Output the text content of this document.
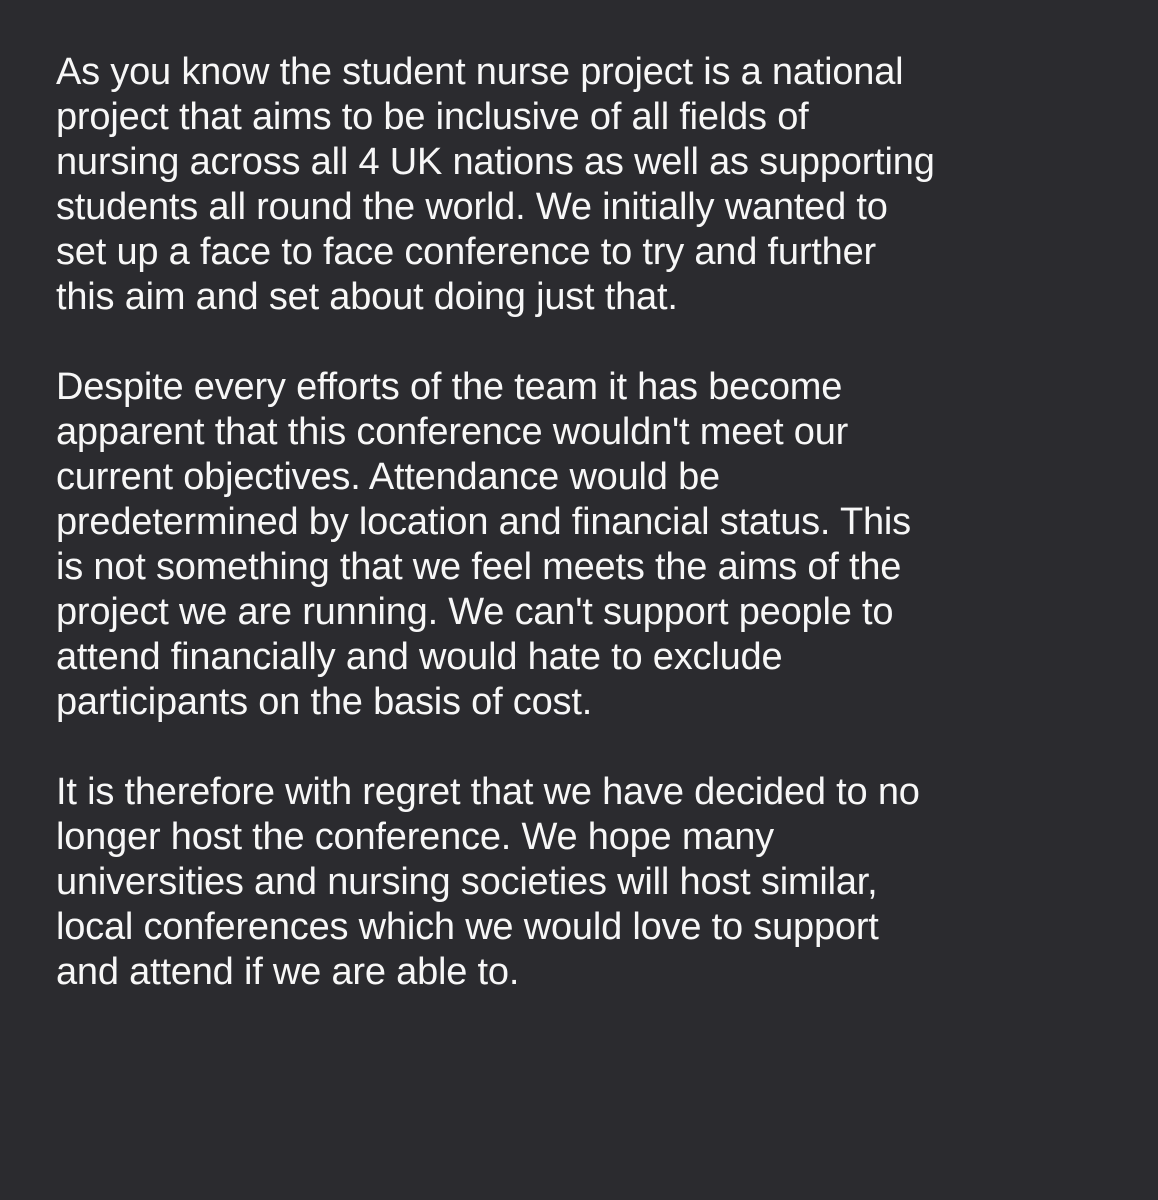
As you know the student nurse project is a national
project that aims to be inclusive of all fields of
nursing across all 4 UK nations as well as supporting
students all round the world. We initially wanted to
set up a face to face conference to try and further
this aim and set about doing just that.

Despite every efforts of the team it has become
apparent that this conference wouldn't meet our
current objectives. Attendance would be
predetermined by location and financial status. This
is not something that we feel meets the aims of the
project we are running. We can't support people to
attend financially and would hate to exclude
participants on the basis of cost.

It is therefore with regret that we have decided to no
longer host the conference. We hope many
universities and nursing societies will host similar,
local conferences which we would love to support
and attend if we are able to.
